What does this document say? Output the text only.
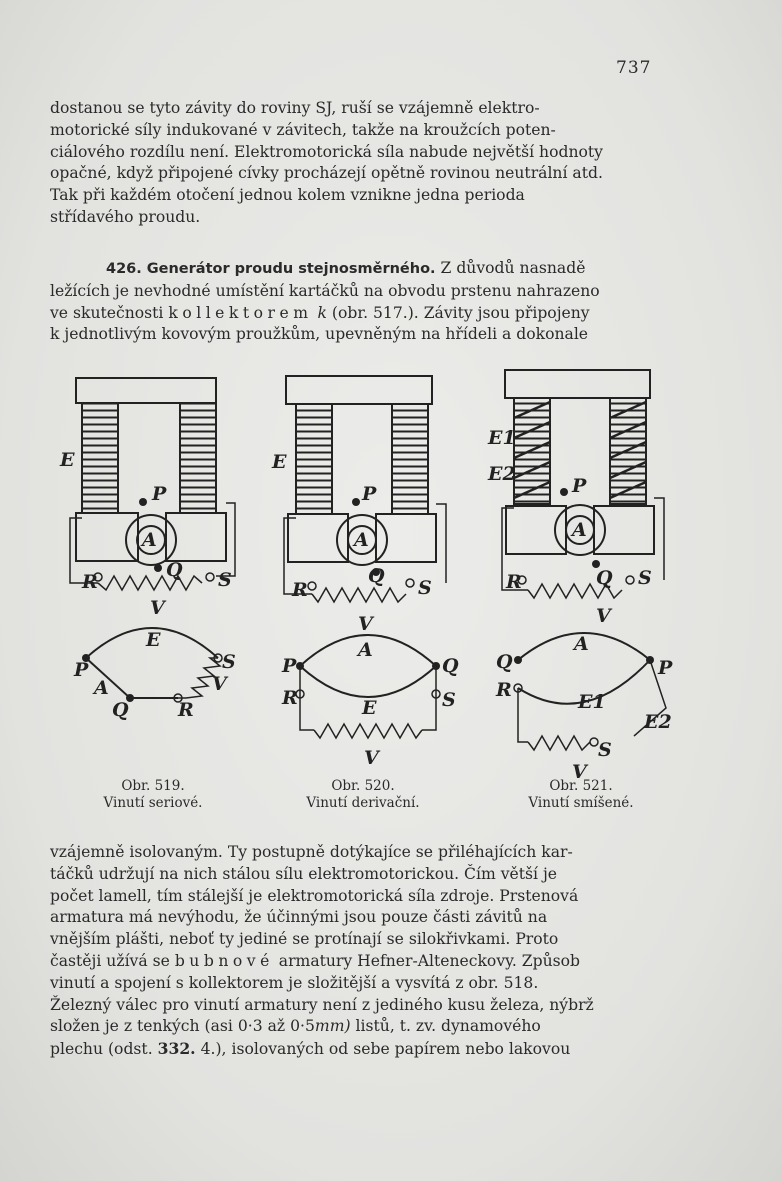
737

dostanou se tyto závity do roviny SJ, ruší se vzájemně elektro-
motorické síly indukované v závitech, takže na kroužcích poten-
ciálového rozdílu není. Elektromotorická síla nabude největší hodnoty
opačné, když připojené cívky procházejí opětně rovinou neutrální atd.
Tak při každém otočení jednou kolem vznikne jedna perioda
střídavého proudu.

426. Generátor proudu stejnosměrného. Z důvodů nasnadě
ležících je nevhodné umístění kartáčků na obvodu prstenu nahrazeno
ve skutečnosti kollektorem k (obr. 517.). Závity jsou připojeny
k jednotlivým kovovým proužkům, upevněným na hřídeli a dokonale

E
P
A
R
Q S
V
E
S
P
A	V
Q	R
E
P
A
R
Q
S
V
A
P	Q
R	E	S
V
E1
E2
P
A
R	Q S
V
A
Q	P
R
E1
E2
S
V
Obr. 519.
Vinutí seriové.
Obr. 520.
Vinutí derivační.
Obr. 521.
Vinutí smíšené.

vzájemně isolovaným. Ty postupně dotýkajíce se přiléhajících kar-
táčků udržují na nich stálou sílu elektromotorickou. Čím větší je
počet lamell, tím stálejší je elektromotorická síla zdroje. Prstenová
armatura má nevýhodu, že účinnými jsou pouze části závitů na
vnějším plášti, neboť ty jediné se protínají se silokřivkami. Proto
častěji užívá se bubnové armatury Hefner-Alteneckovy. Způsob
vinutí a spojení s kollektorem je složitější a vysvítá z obr. 518.
Železný válec pro vinutí armatury není z jediného kusu železa, nýbrž
složen je z tenkých (asi 0·3 až 0·5mm) listů, t. zv. dynamového
plechu (odst. 332. 4.), isolovaných od sebe papírem nebo lakovou
